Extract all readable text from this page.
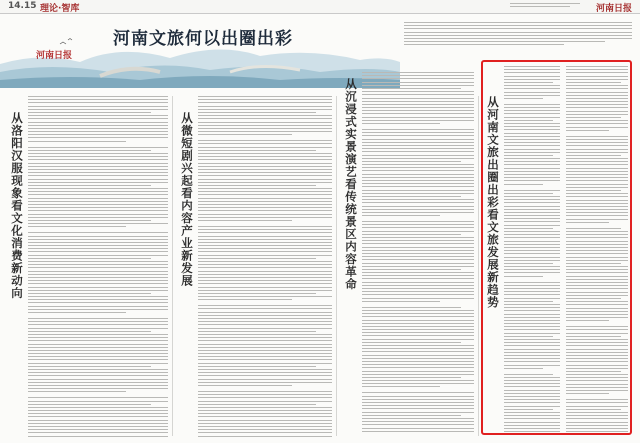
14.15 理论·智库	河南日报
河南文旅何以出圈出彩
河南日报
从洛阳汉服现象看文化消费新动向	从微短剧兴起看内容产业新发展	从沉浸式实景演艺看传统景区内容革命	从河南文旅出圈出彩看文旅发展新趋势
